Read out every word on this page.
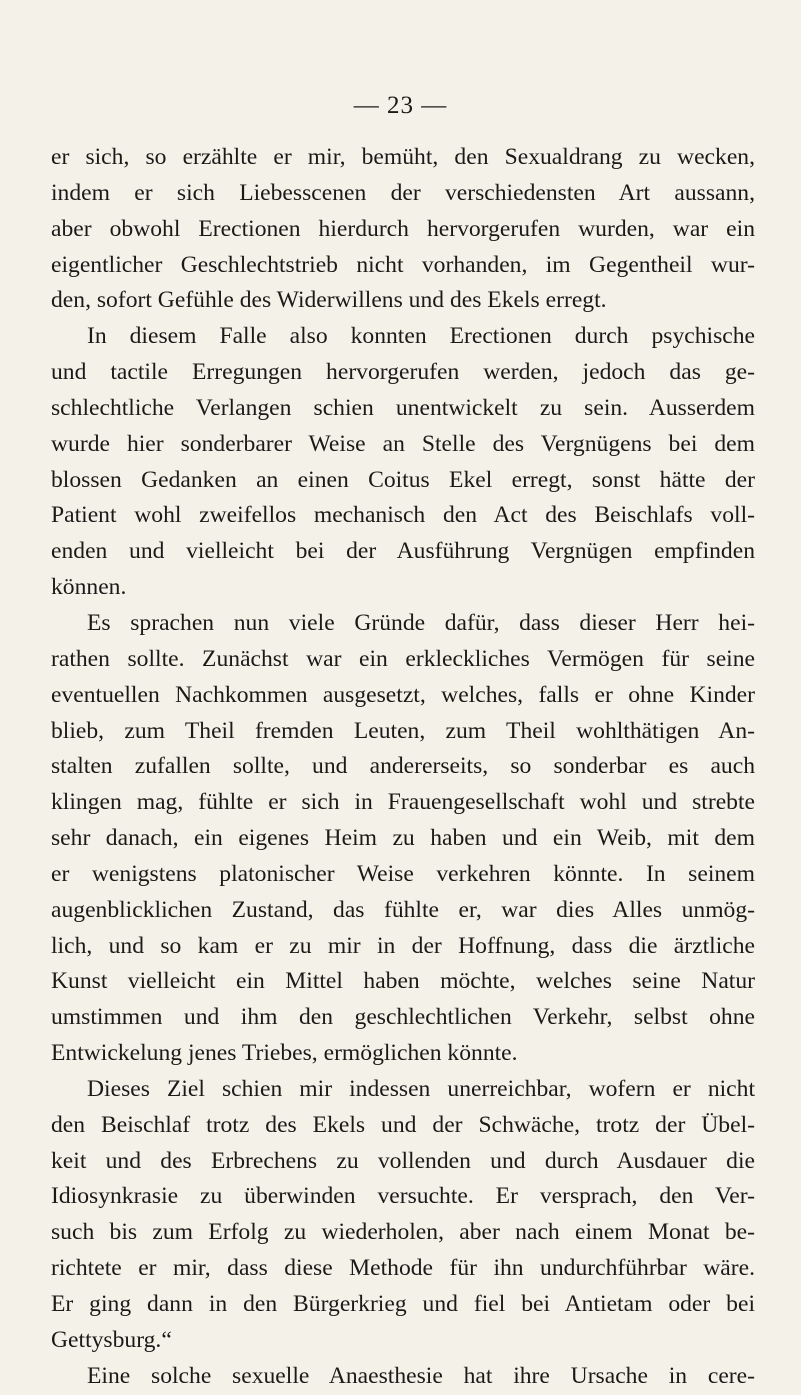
— 23 —
er sich, so erzählte er mir, bemüht, den Sexualdrang zu wecken,
indem er sich Liebesscenen der verschiedensten Art aussann,
aber obwohl Erectionen hierdurch hervorgerufen wurden, war ein
eigentlicher Geschlechtstrieb nicht vorhanden, im Gegentheil wur-
den, sofort Gefühle des Widerwillens und des Ekels erregt.
In diesem Falle also konnten Erectionen durch psychische
und tactile Erregungen hervorgerufen werden, jedoch das ge-
schlechtliche Verlangen schien unentwickelt zu sein. Ausserdem
wurde hier sonderbarer Weise an Stelle des Vergnügens bei dem
blossen Gedanken an einen Coitus Ekel erregt, sonst hätte der
Patient wohl zweifellos mechanisch den Act des Beischlafs voll-
enden und vielleicht bei der Ausführung Vergnügen empfinden
können.
Es sprachen nun viele Gründe dafür, dass dieser Herr hei-
rathen sollte. Zunächst war ein erkleckliches Vermögen für seine
eventuellen Nachkommen ausgesetzt, welches, falls er ohne Kinder
blieb, zum Theil fremden Leuten, zum Theil wohlthätigen An-
stalten zufallen sollte, und andererseits, so sonderbar es auch
klingen mag, fühlte er sich in Frauengesellschaft wohl und strebte
sehr danach, ein eigenes Heim zu haben und ein Weib, mit dem
er wenigstens platonischer Weise verkehren könnte. In seinem
augenblicklichen Zustand, das fühlte er, war dies Alles unmög-
lich, und so kam er zu mir in der Hoffnung, dass die ärztliche
Kunst vielleicht ein Mittel haben möchte, welches seine Natur
umstimmen und ihm den geschlechtlichen Verkehr, selbst ohne
Entwickelung jenes Triebes, ermöglichen könnte.
Dieses Ziel schien mir indessen unerreichbar, wofern er nicht
den Beischlaf trotz des Ekels und der Schwäche, trotz der Übel-
keit und des Erbrechens zu vollenden und durch Ausdauer die
Idiosynkrasie zu überwinden versuchte. Er versprach, den Ver-
such bis zum Erfolg zu wiederholen, aber nach einem Monat be-
richtete er mir, dass diese Methode für ihn undurchführbar wäre.
Er ging dann in den Bürgerkrieg und fiel bei Antietam oder bei
Gettysburg.“
Eine solche sexuelle Anaesthesie hat ihre Ursache in cere-
